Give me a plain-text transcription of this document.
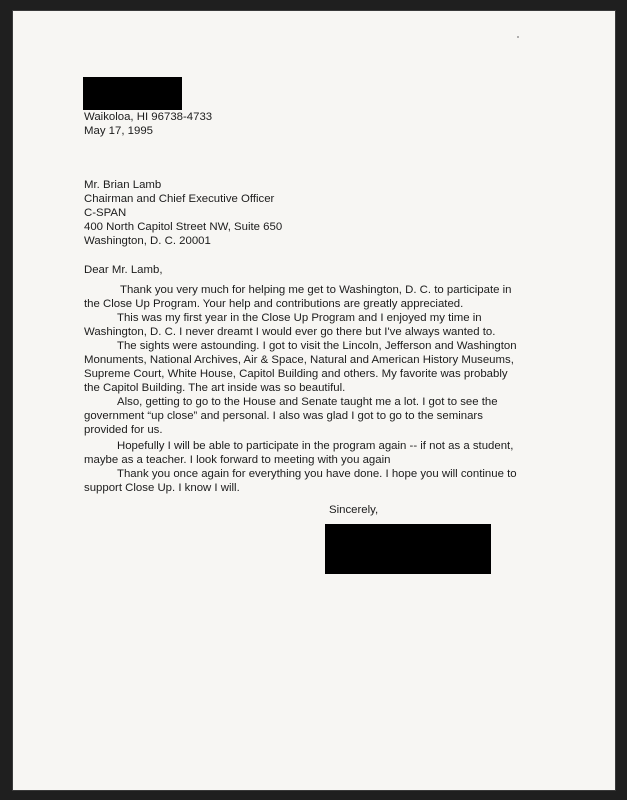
Waikoloa, HI 96738-4733
May 17, 1995
Mr. Brian Lamb
Chairman and Chief Executive Officer
C-SPAN
400 North Capitol Street NW, Suite 650
Washington, D. C. 20001
Dear Mr. Lamb,
Thank you very much for helping me get to Washington, D. C. to participate in
the Close Up Program. Your help and contributions are greatly appreciated.
This was my first year in the Close Up Program and I enjoyed my time in
Washington, D. C. I never dreamt I would ever go there but I've always wanted to.
The sights were astounding. I got to visit the Lincoln, Jefferson and Washington
Monuments, National Archives, Air & Space, Natural and American History Museums,
Supreme Court, White House, Capitol Building and others. My favorite was probably
the Capitol Building. The art inside was so beautiful.
Also, getting to go to the House and Senate taught me a lot. I got to see the
government “up close” and personal. I also was glad I got to go to the seminars
provided for us.
Hopefully I will be able to participate in the program again -- if not as a student,
maybe as a teacher. I look forward to meeting with you again
Thank you once again for everything you have done. I hope you will continue to
support Close Up. I know I will.
Sincerely,
